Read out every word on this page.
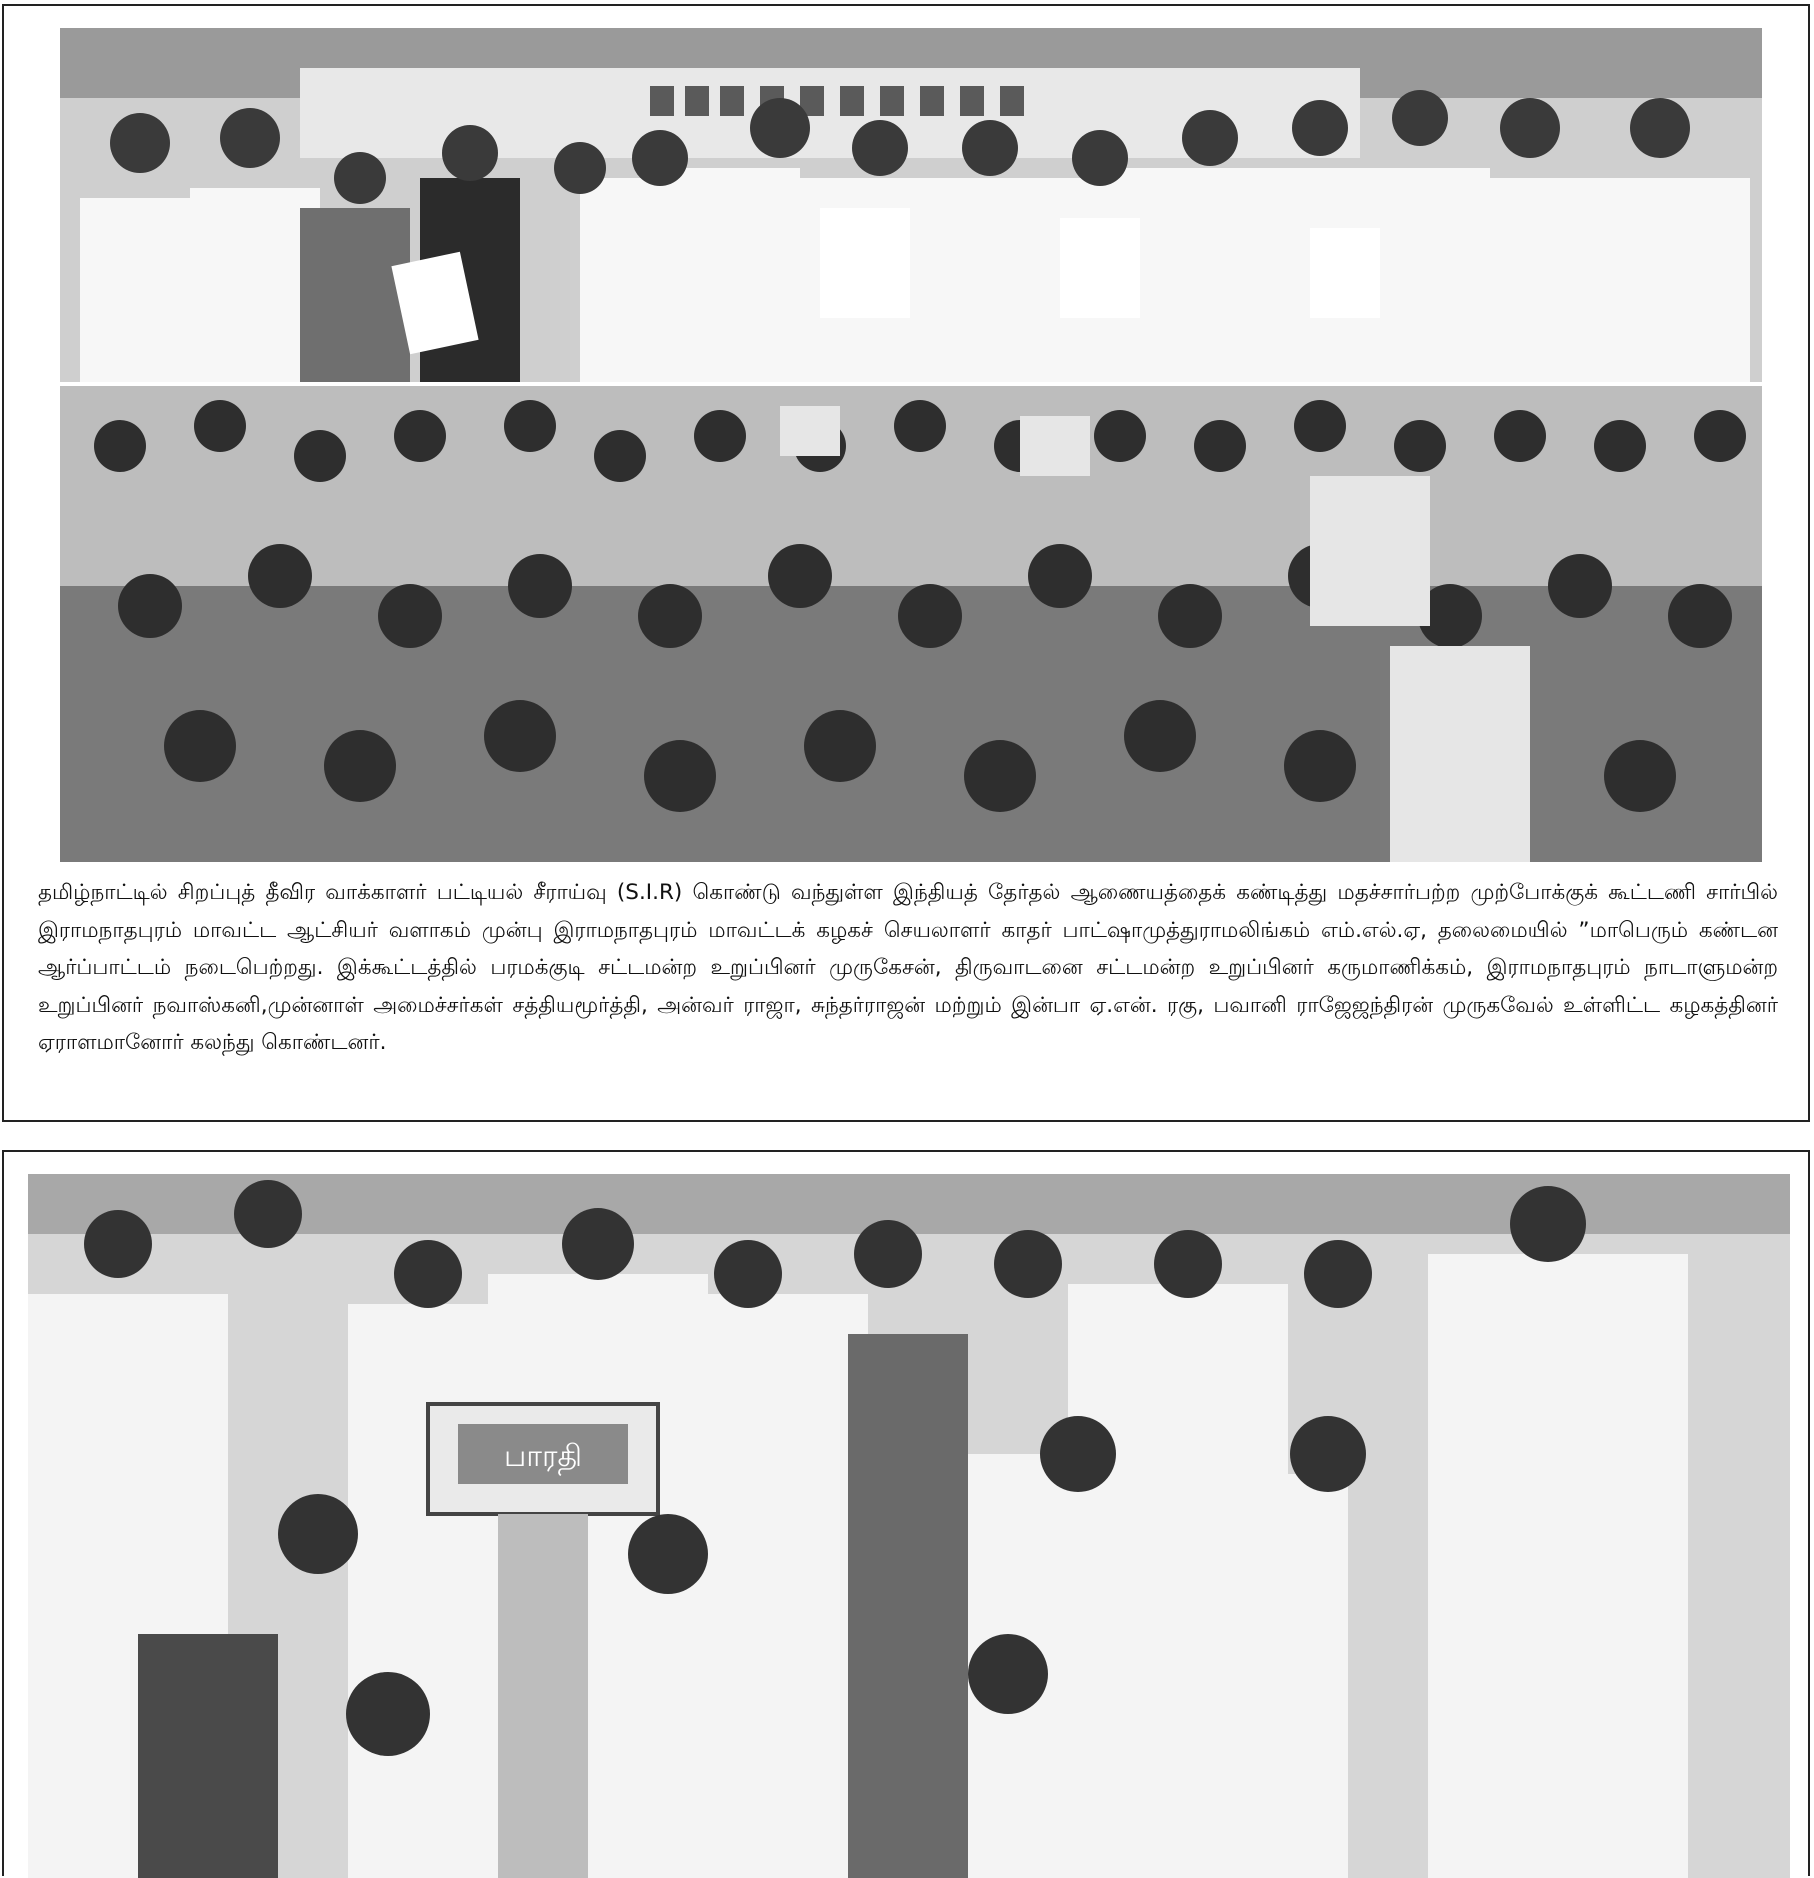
தமிழ்நாட்டில் சிறப்புத் தீவிர வாக்காளர் பட்டியல் சீராய்வு (S.I.R) கொண்டு வந்துள்ள இந்தியத் தேர்தல் ஆணையத்தைக் கண்டித்து மதச்சார்பற்ற முற்போக்குக் கூட்டணி சார்பில் இராமநாதபுரம் மாவட்ட ஆட்சியர் வளாகம் முன்பு இராமநாதபுரம் மாவட்டக் கழகச் செயலாளர் காதர் பாட்ஷாமுத்துராமலிங்கம் எம்.எல்.ஏ, தலைமையில் ”மாபெரும் கண்டன ஆர்ப்பாட்டம் நடைபெற்றது. இக்கூட்டத்தில் பரமக்குடி சட்டமன்ற உறுப்பினர் முருகேசன், திருவாடனை சட்டமன்ற உறுப்பினர் கருமாணிக்கம், இராமநாதபுரம் நாடாளுமன்ற உறுப்பினர் நவாஸ்கனி,முன்னாள் அமைச்சர்கள் சத்தியமூர்த்தி, அன்வர் ராஜா, சுந்தர்ராஜன் மற்றும் இன்பா ஏ.என். ரகு, பவானி ராஜேஜந்திரன் முருகவேல் உள்ளிட்ட கழகத்தினர் ஏராளமானோர் கலந்து கொண்டனர்.
பாரதி
